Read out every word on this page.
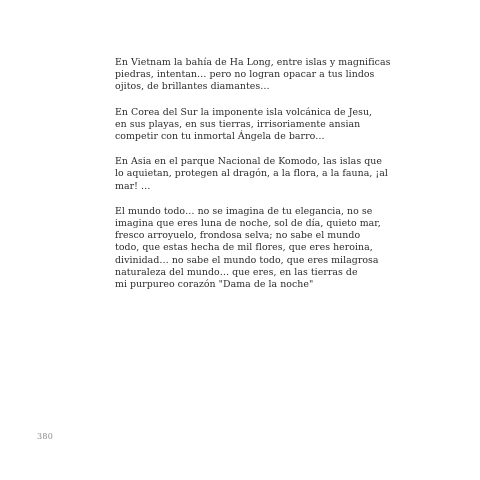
En Vietnam la bahía de Ha Long, entre islas y magnificas
piedras, intentan… pero no logran opacar a tus lindos
ojitos, de brillantes diamantes…
En Corea del Sur la imponente isla volcánica de Jesu,
en sus playas, en sus tierras, irrisoriamente ansian
competir con tu inmortal Ángela de barro…
En Asia en el parque Nacional de Komodo, las islas que
lo aquietan, protegen al dragón, a la flora, a la fauna, ¡al
mar! …
El mundo todo… no se imagina de tu elegancia, no se
imagina que eres luna de noche, sol de día, quieto mar,
fresco arroyuelo, frondosa selva; no sabe el mundo
todo, que estas hecha de mil flores, que eres heroina,
divinidad… no sabe el mundo todo, que eres milagrosa
naturaleza del mundo… que eres, en las tierras de
mi purpureo corazón "Dama de la noche"
380
